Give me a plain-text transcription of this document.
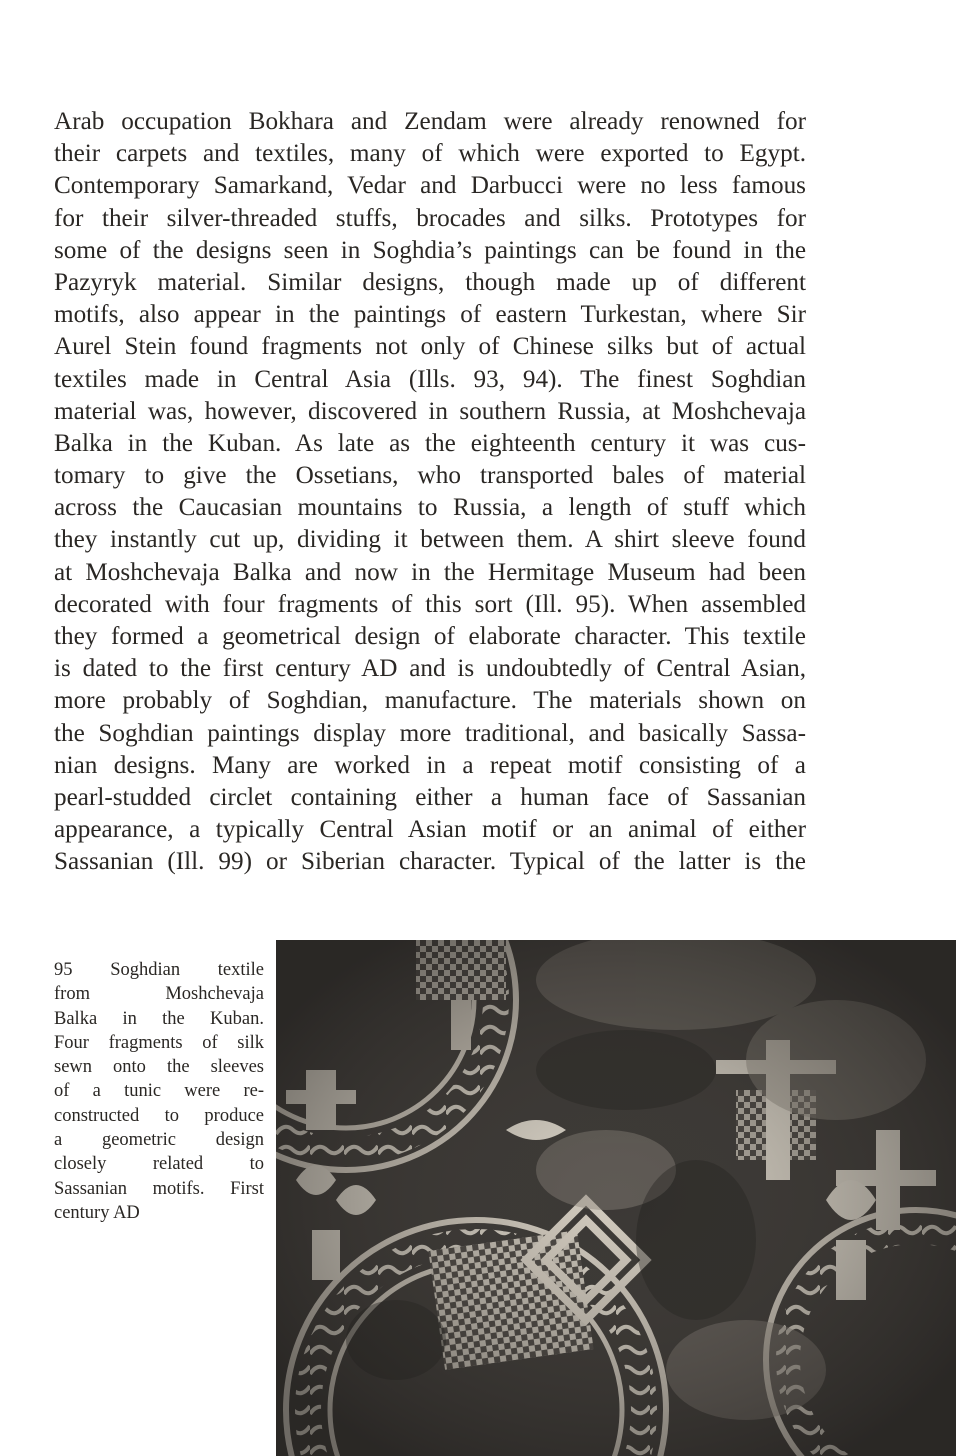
Arab occupation Bokhara and Zendam were already renowned for
their carpets and textiles, many of which were exported to Egypt.
Contemporary Samarkand, Vedar and Darbucci were no less famous
for their silver-threaded stuffs, brocades and silks. Prototypes for
some of the designs seen in Soghdia’s paintings can be found in the
Pazyryk material. Similar designs, though made up of different
motifs, also appear in the paintings of eastern Turkestan, where Sir
Aurel Stein found fragments not only of Chinese silks but of actual
textiles made in Central Asia (Ills. 93, 94). The finest Soghdian
material was, however, discovered in southern Russia, at Moshchevaja
Balka in the Kuban. As late as the eighteenth century it was cus-
tomary to give the Ossetians, who transported bales of material
across the Caucasian mountains to Russia, a length of stuff which
they instantly cut up, dividing it between them. A shirt sleeve found
at Moshchevaja Balka and now in the Hermitage Museum had been
decorated with four fragments of this sort (Ill. 95). When assembled
they formed a geometrical design of elaborate character. This textile
is dated to the first century AD and is undoubtedly of Central Asian,
more probably of Soghdian, manufacture. The materials shown on
the Soghdian paintings display more traditional, and basically Sassa-
nian designs. Many are worked in a repeat motif consisting of a
pearl-studded circlet containing either a human face of Sassanian
appearance, a typically Central Asian motif or an animal of either
Sassanian (Ill. 99) or Siberian character. Typical of the latter is the
95 Soghdian textile
from Moshchevaja
Balka in the Kuban.
Four fragments of silk
sewn onto the sleeves
of a tunic were re-
constructed to produce
a geometric design
closely related to
Sassanian motifs. First
century AD
